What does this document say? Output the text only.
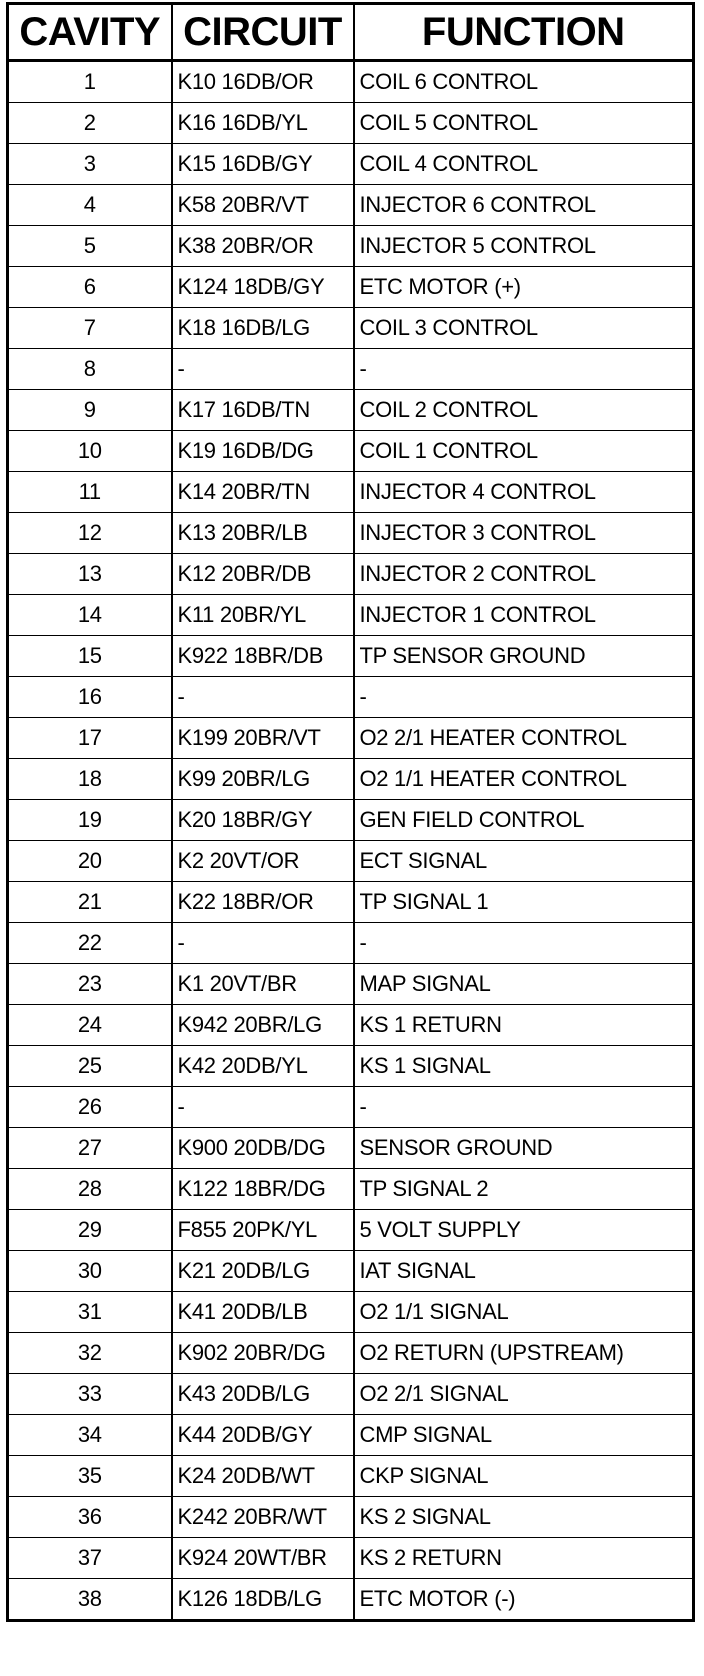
CAVITY	CIRCUIT	FUNCTION
1	K10 16DB/OR	COIL 6 CONTROL
2	K16 16DB/YL	COIL 5 CONTROL
3	K15 16DB/GY	COIL 4 CONTROL
4	K58 20BR/VT	INJECTOR 6 CONTROL
5	K38 20BR/OR	INJECTOR 5 CONTROL
6	K124 18DB/GY	ETC MOTOR (+)
7	K18 16DB/LG	COIL 3 CONTROL
8	-	-
9	K17 16DB/TN	COIL 2 CONTROL
10	K19 16DB/DG	COIL 1 CONTROL
11	K14 20BR/TN	INJECTOR 4 CONTROL
12	K13 20BR/LB	INJECTOR 3 CONTROL
13	K12 20BR/DB	INJECTOR 2 CONTROL
14	K11 20BR/YL	INJECTOR 1 CONTROL
15	K922 18BR/DB	TP SENSOR GROUND
16	-	-
17	K199 20BR/VT	O2 2/1 HEATER CONTROL
18	K99 20BR/LG	O2 1/1 HEATER CONTROL
19	K20 18BR/GY	GEN FIELD CONTROL
20	K2 20VT/OR	ECT SIGNAL
21	K22 18BR/OR	TP SIGNAL 1
22	-	-
23	K1 20VT/BR	MAP SIGNAL
24	K942 20BR/LG	KS 1 RETURN
25	K42 20DB/YL	KS 1 SIGNAL
26	-	-
27	K900 20DB/DG	SENSOR GROUND
28	K122 18BR/DG	TP SIGNAL 2
29	F855 20PK/YL	5 VOLT SUPPLY
30	K21 20DB/LG	IAT SIGNAL
31	K41 20DB/LB	O2 1/1 SIGNAL
32	K902 20BR/DG	O2 RETURN (UPSTREAM)
33	K43 20DB/LG	O2 2/1 SIGNAL
34	K44 20DB/GY	CMP SIGNAL
35	K24 20DB/WT	CKP SIGNAL
36	K242 20BR/WT	KS 2 SIGNAL
37	K924 20WT/BR	KS 2 RETURN
38	K126 18DB/LG	ETC MOTOR (-)
